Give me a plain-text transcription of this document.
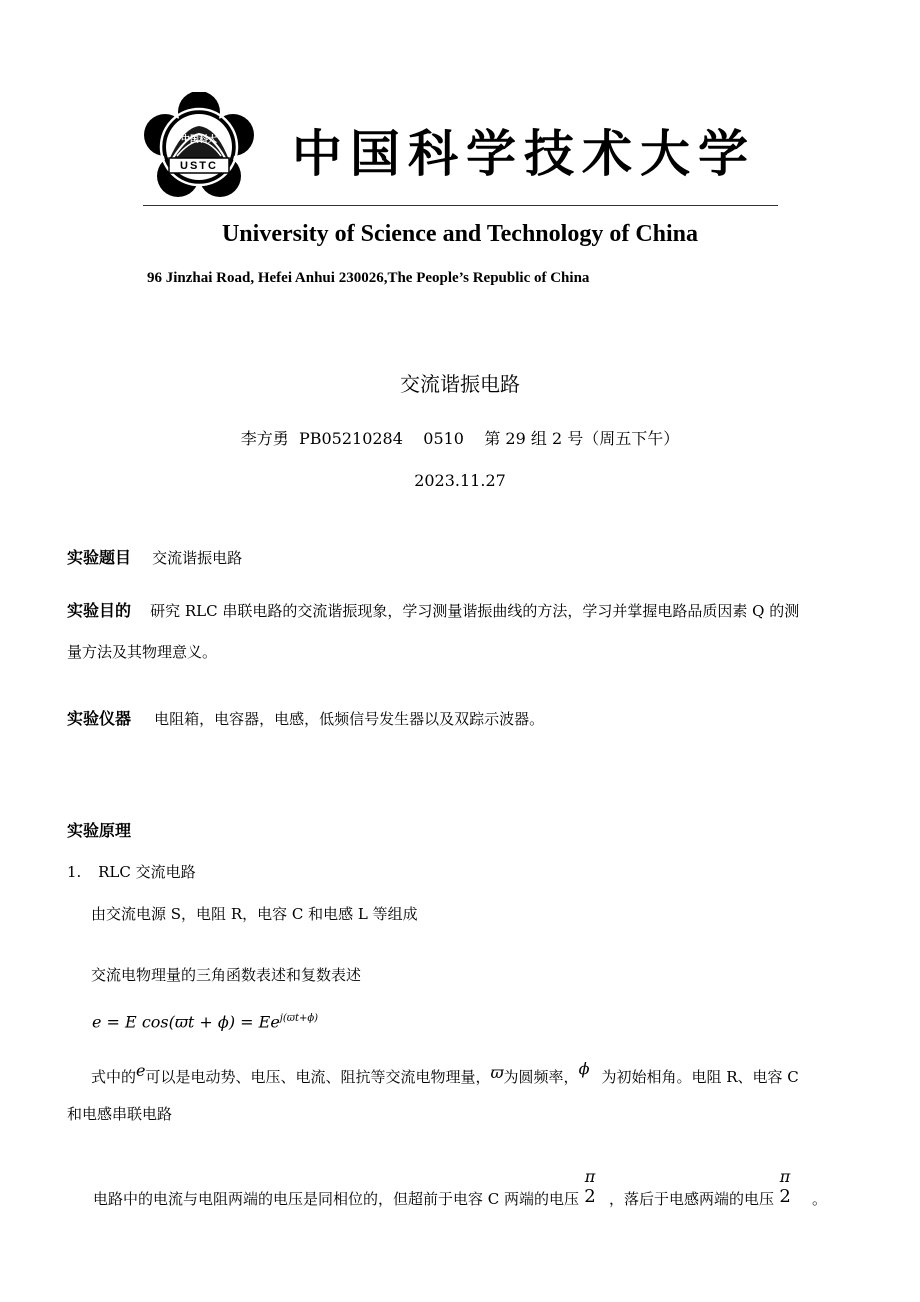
中国科大
USTC 中国科学技术大学
University of Science and Technology of China
96 Jinzhai Road, Hefei Anhui 230026,The People’s Republic of China
交流谐振电路
李方勇  PB05210284    0510    第 29 组 2 号（周五下午）
2023.11.27
实验题目 交流谐振电路
实验目的 研究 RLC 串联电路的交流谐振现象，学习测量谐振曲线的方法，学习并掌握电路品质因素 Q 的测
量方法及其物理意义。
实验仪器 电阻箱，电容器，电感，低频信号发生器以及双踪示波器。
实验原理
1. RLC 交流电路
由交流电源 S，电阻 R，电容 C 和电感 L 等组成
交流电物理量的三角函数表述和复数表述
e = E $\cos(ϖt + \phi) = Ee^{j(ϖt+\phi)}$
式中的e可以是电动势、电压、电流、阻抗等交流电物理量，ϖ为圆频率，ϕ 为初始相角。电阻 R、电容 C
和电感串联电路
电路中的电流与电阻两端的电压是同相位的，但超前于电容 C 两端的电压
π
2 ，落后于电感两端的电压
π
2	。
